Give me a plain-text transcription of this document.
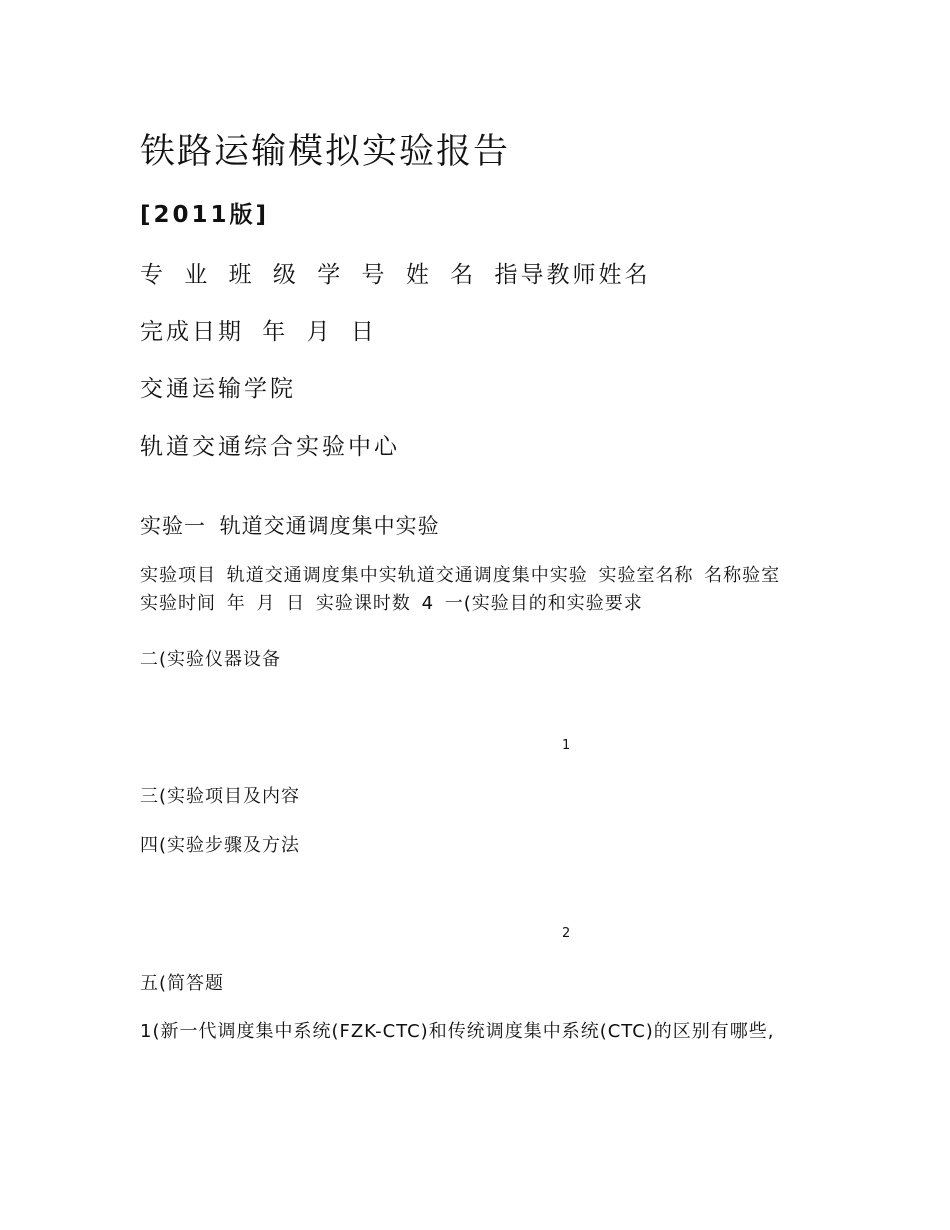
铁路运输模拟实验报告
[2011版]
专 业 班 级 学 号 姓 名 指导教师姓名
完成日期 年 月 日
交通运输学院
轨道交通综合实验中心
实验一 轨道交通调度集中实验

实验项目 轨道交通调度集中实轨道交通调度集中实验 实验室名称 名称验室 实验时间 年 月 日 实验课时数 4 一(实验目的和实验要求

二(实验仪器设备
1
三(实验项目及内容
四(实验步骤及方法
2
五(简答题

1(新一代调度集中系统(FZK-CTC)和传统调度集中系统(CTC)的区别有哪些,
